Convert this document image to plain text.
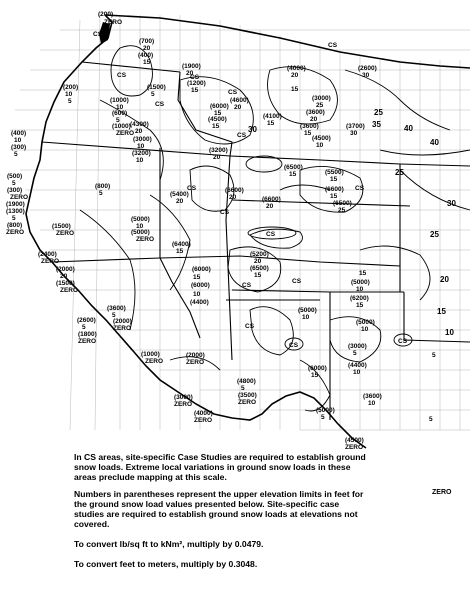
CS
CS	CS
CS
CS
CS
CS
CS
CS
CS
CS
CS
CS
CS
CS
CS
(200)
ZERO
(700)
20
(400)
15
(200)
10
5
(1900)
20
(1200)
15
(1500)
5
(1000)
10
(600)
5
(1000)
ZERO
(6000)
15
(4500)
15
(4600)
20
(4000)
20
15
(2600)
30
(3000)
25
(3600)
20
(3600)
15
(4500)
10
(4100)
15	(3700)
30
(4300)
20
(3000)
10
(3200)
10
(3200)
20
(400)
10
(300)
5
(500)
5
(300)
ZERO
(1900)
(1300)
5
(800)
ZERO
(800)
5
(1500)
ZERO
(2400)
ZERO
(2000)
20
(1500)
ZERO
(5400)
20
(6600)
20	(6600)
20
(6500)
15	(5500)
15
(6600)
15
(6500)
25
(5000)
10
(5000)
ZERO
(6400)
15	(5200)
20
(6500)
15
(6000)
15
(6000)
10
(4400)
15
(5000)
10
(6200)
15
(3600)
5
(2000)
ZERO
(2600)
5
(1800)
ZERO
(5000)
10
(5000)
10
(3000)
5
(4400)
10
(6000)
15
(3600)
10
(5000)
5
(1000)
ZERO
(2000)
ZERO
(4800)
5
(3500)
ZERO
(3000)
ZERO
(4000)
ZERO
(4500)
ZERO
5
5
35	40
40
25
30
25
20
25
15
10
30

In CS areas, site-specific Case Studies are required to establish ground snow loads. Extreme local variations in ground snow loads in these areas preclude mapping at this scale.

Numbers in parentheses represent the upper elevation limits in feet for the ground snow load values presented below. Site-specific case studies are required to establish ground snow loads at elevations not covered.

To convert lb/sq ft to kNm², multiply by 0.0479.

To convert feet to meters, multiply by 0.3048.

ZERO
